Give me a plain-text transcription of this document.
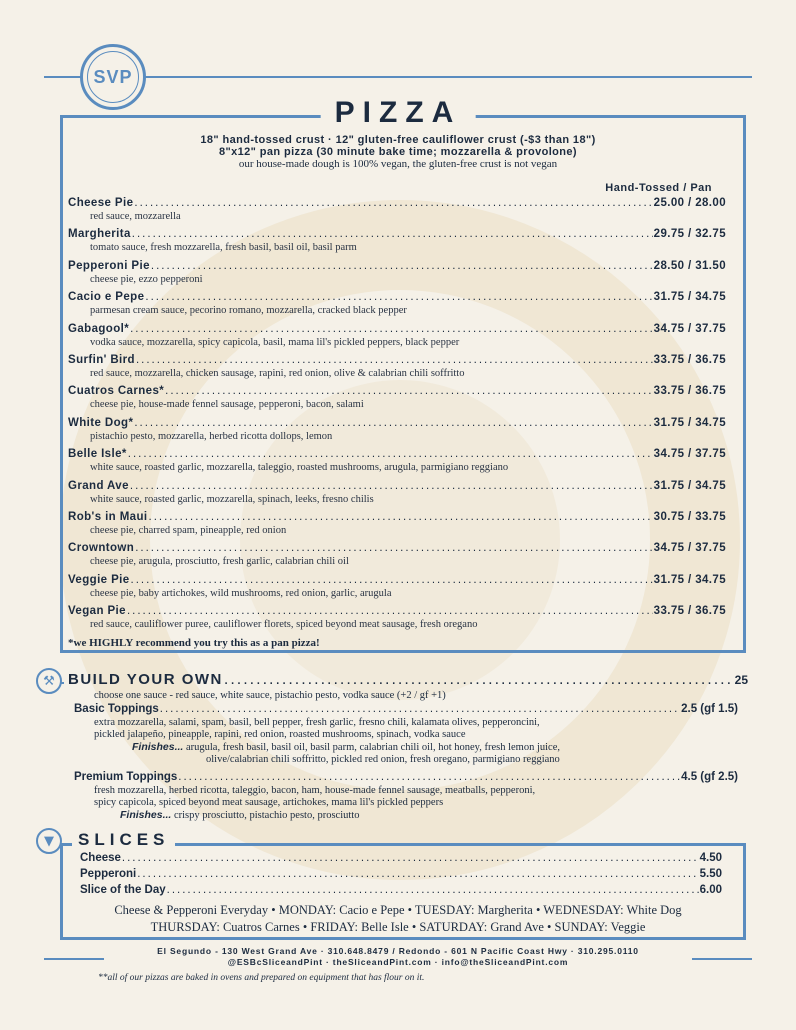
SVP
PIZZA
18" hand-tossed crust · 12" gluten-free cauliflower crust (-$3 than 18")
8"x12" pan pizza (30 minute bake time; mozzarella & provolone)
our house-made dough is 100% vegan, the gluten-free crust is not vegan
Hand-Tossed / Pan
Cheese Pie .....	25.00 / 28.00
red sauce, mozzarella
Margherita .....	29.75 / 32.75
tomato sauce, fresh mozzarella, fresh basil, basil oil, basil parm
Pepperoni Pie .....	28.50 / 31.50
cheese pie, ezzo pepperoni
Cacio e Pepe .....	31.75 / 34.75
parmesan cream sauce, pecorino romano, mozzarella, cracked black pepper
Gabagool* .....	34.75 / 37.75
vodka sauce, mozzarella, spicy capicola, basil, mama lil's pickled peppers, black pepper
Surfin' Bird .....	33.75 / 36.75
red sauce, mozzarella, chicken sausage, rapini, red onion, olive & calabrian chili soffritto
Cuatros Carnes* .....	33.75 / 36.75
cheese pie, house-made fennel sausage, pepperoni, bacon, salami
White Dog* .....	31.75 / 34.75
pistachio pesto, mozzarella, herbed ricotta dollops, lemon
Belle Isle* .....	34.75 / 37.75
white sauce, roasted garlic, mozzarella, taleggio, roasted mushrooms, arugula, parmigiano reggiano
Grand Ave .....	31.75 / 34.75
white sauce, roasted garlic, mozzarella, spinach, leeks, fresno chilis
Rob's in Maui .....	30.75 / 33.75
cheese pie, charred spam, pineapple, red onion
Crowntown .....	34.75 / 37.75
cheese pie, arugula, prosciutto, fresh garlic, calabrian chili oil
Veggie Pie .....	31.75 / 34.75
cheese pie, baby artichokes, wild mushrooms, red onion, garlic, arugula
Vegan Pie .....	33.75 / 36.75
red sauce, cauliflower puree, cauliflower florets, spiced beyond meat sausage, fresh oregano
*we HIGHLY recommend you try this as a pan pizza!
⚒ BUILD YOUR OWN .....	25
choose one sauce - red sauce, white sauce, pistachio pesto, vodka sauce (+2 / gf +1)
Basic Toppings .....	2.5 (gf 1.5)
extra mozzarella, salami, spam, basil, bell pepper, fresh garlic, fresno chili, kalamata olives, pepperoncini,
pickled jalapeño, pineapple, rapini, red onion, roasted mushrooms, spinach, vodka sauce
Finishes... arugula, fresh basil, basil oil, basil parm, calabrian chili oil, hot honey, fresh lemon juice,
olive/calabrian chili soffritto, pickled red onion, fresh oregano, parmigiano reggiano
Premium Toppings .....	4.5 (gf 2.5)
fresh mozzarella, herbed ricotta, taleggio, bacon, ham, house-made fennel sausage, meatballs, pepperoni,
spicy capicola, spiced beyond meat sausage, artichokes, mama lil's pickled peppers
Finishes... crispy prosciutto, pistachio pesto, prosciutto
▼	SLICES
Cheese .....	4.50
Pepperoni .....	5.50
Slice of the Day .....	6.00
Cheese & Pepperoni Everyday • MONDAY: Cacio e Pepe • TUESDAY: Margherita • WEDNESDAY: White Dog
THURSDAY: Cuatros Carnes • FRIDAY: Belle Isle • SATURDAY: Grand Ave • SUNDAY: Veggie
El Segundo - 130 West Grand Ave · 310.648.8479 / Redondo - 601 N Pacific Coast Hwy · 310.295.0110
@ESBcSliceandPint · theSliceandPint.com · info@theSliceandPint.com
**all of our pizzas are baked in ovens and prepared on equipment that has flour on it.
